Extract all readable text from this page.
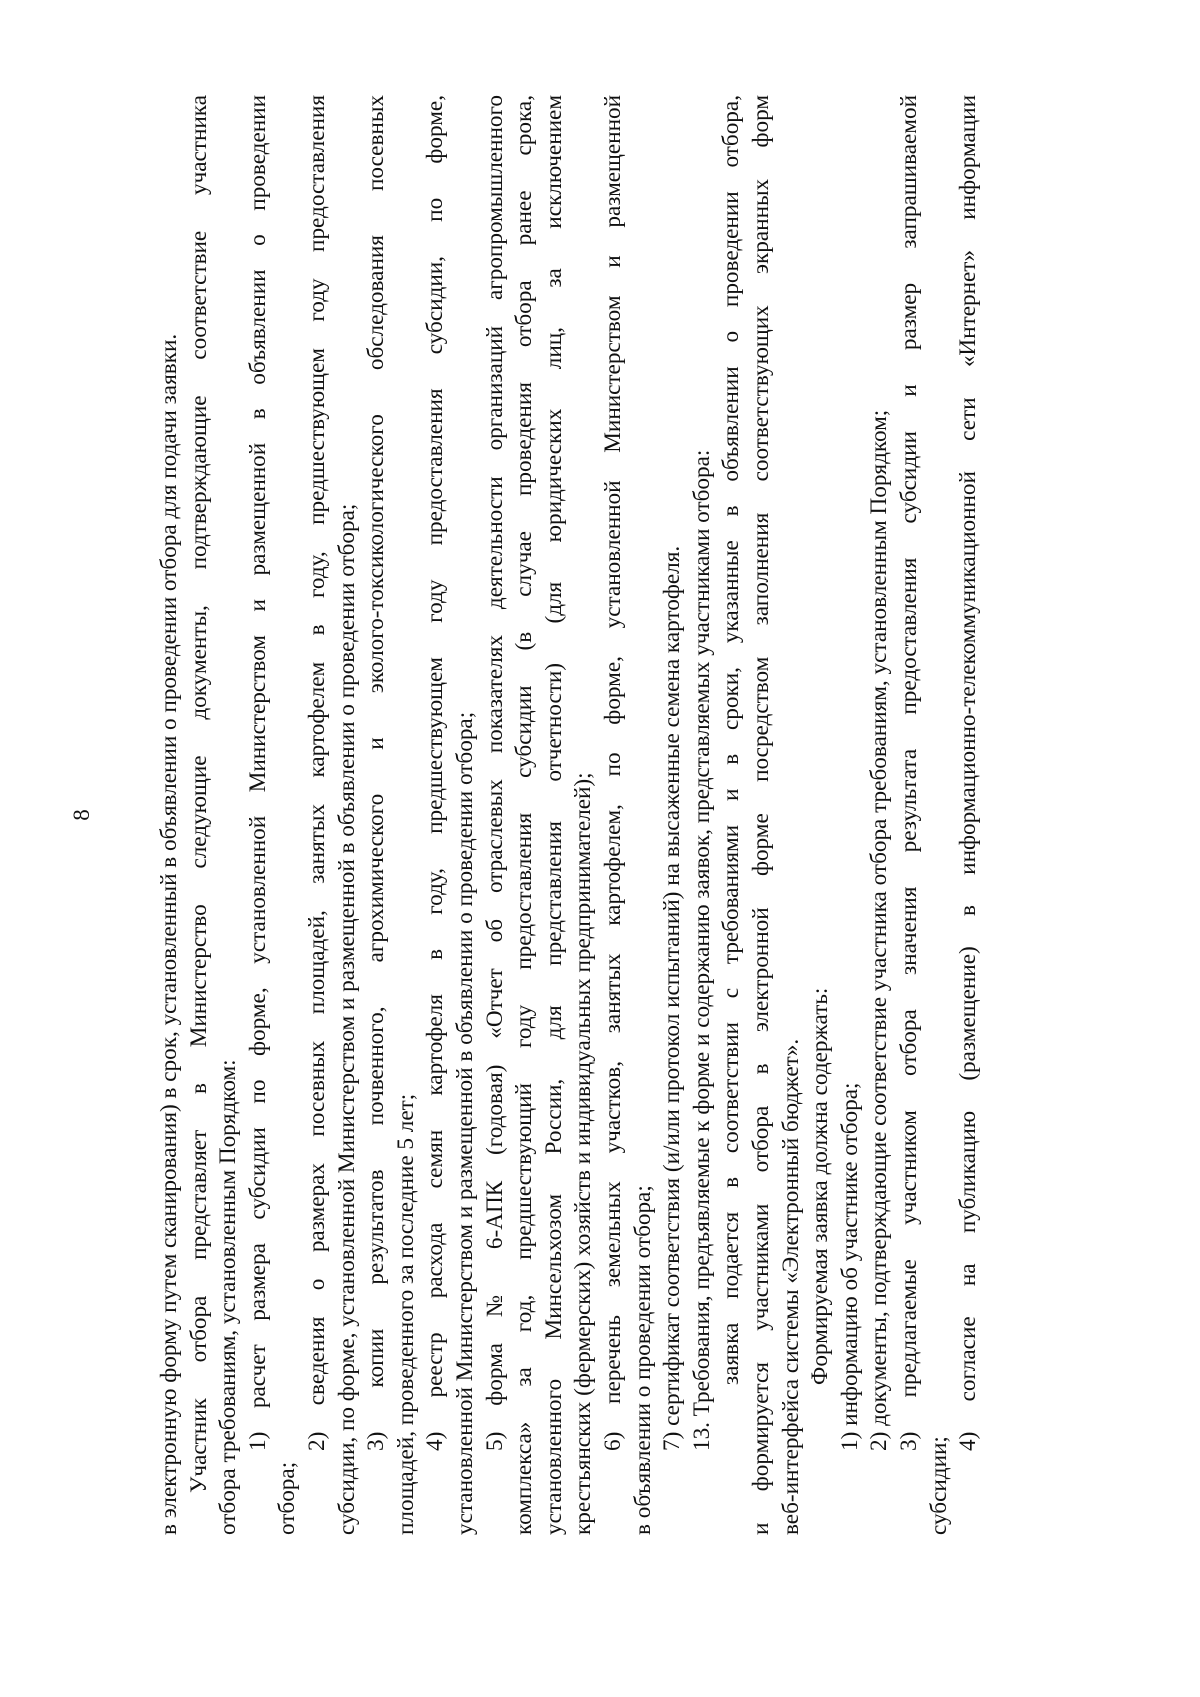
8	в электронную форму путем сканирования) в срок, установленный в объявлении о проведении отбора для подачи заявки. Участник отбора представляет в Министерство следующие документы, подтверждающие соответствие участника отбора требованиям, установленным Порядком: 1) расчет размера субсидии по форме, установленной Министерством и размещенной в объявлении о проведении
отбора;
2) сведения о размерах посевных площадей, занятых картофелем в году, предшествующем году предоставления субсидии, по форме, установленной Министерством и размещенной в объявлении о проведении отбора; 3) копии результатов почвенного, агрохимического и эколого-токсикологического обследования посевных площадей, проведенного за последние 5 лет; 4) реестр расхода семян картофеля в году, предшествующем году предоставления субсидии, по форме, установленной Министерством и размещенной в объявлении о проведении отбора; 5) форма № 6-АПК (годовая) «Отчет об отраслевых показателях деятельности организаций агропромышленного комплекса» за год, предшествующий году предоставления субсидии (в случае проведения отбора ранее срока, установленного Минсельхозом России, для представления отчетности) (для юридических лиц, за исключением крестьянских (фермерских) хозяйств и индивидуальных предпринимателей); 6) перечень земельных участков, занятых картофелем, по форме, установленной Министерством и размещенной в объявлении о проведении отбора; 7) сертификат соответствия (и/или протокол испытаний) на высаженные семена картофеля. 13. Требования, предъявляемые к форме и содержанию заявок, представляемых участниками отбора: заявка подается в соответствии с требованиями и в сроки, указанные в объявлении о проведении отбора, и формируется участниками отбора в электронной форме посредством заполнения соответствующих экранных форм веб-интерфейса системы «Электронный бюджет». Формируемая заявка должна содержать: 1) информацию об участнике отбора; 2) документы, подтверждающие соответствие участника отбора требованиям, установленным Порядком; 3) предлагаемые участником отбора значения результата предоставления субсидии и размер запрашиваемой
субсидии;
4) согласие на публикацию (размещение) в информационно-телекоммуникационной сети «Интернет» информации
